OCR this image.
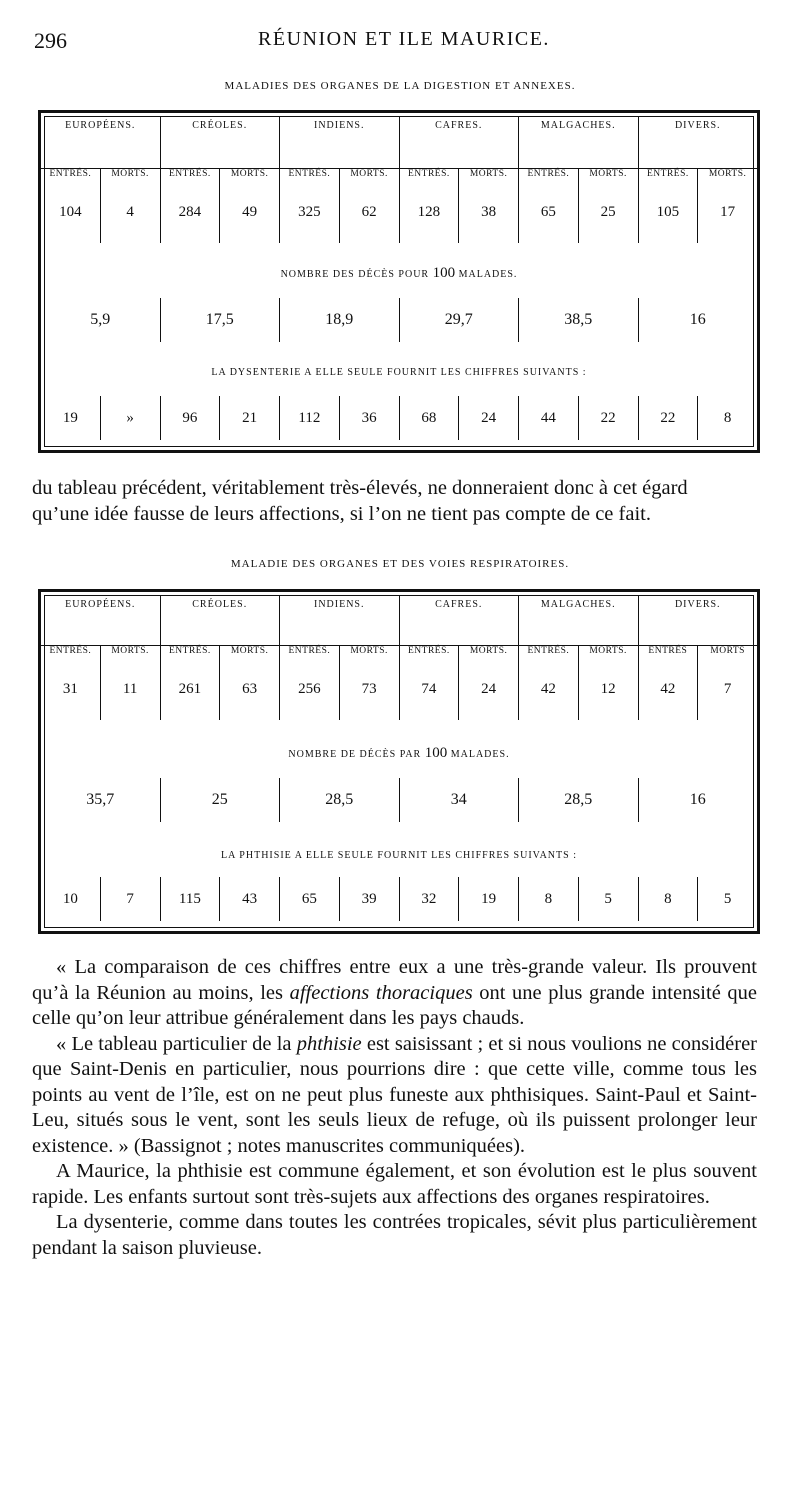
296	RÉUNION ET ILE MAURICE.
MALADIES DES ORGANES DE LA DIGESTION ET ANNEXES.
EUROPÉENS.	CRÉOLES.	INDIENS.	CAFRES.	MALGACHES.	DIVERS.
ENTRÉS.	MORTS.	ENTRÉS.	MORTS.	ENTRÉS.	MORTS.	ENTRÉS.	MORTS.	ENTRÉS.	MORTS.	ENTRÉS.	MORTS.
104	4	284	49	325	62	128	38	65	25	105	17
NOMBRE DES DÉCÈS POUR 100 MALADES.
5,9	17,5	18,9	29,7	38,5	16
LA DYSENTERIE A ELLE SEULE FOURNIT LES CHIFFRES SUIVANTS :
19	»	96	21	112	36	68	24	44	22	22	8
du tableau précédent, véritablement très-élevés, ne donneraient donc à cet égard
qu’une idée fausse de leurs affections, si l’on ne tient pas compte de ce fait.
MALADIE DES ORGANES ET DES VOIES RESPIRATOIRES.
EUROPÉENS.	CRÉOLES.	INDIENS.	CAFRES.	MALGACHES.	DIVERS.
ENTRÉS.	MORTS.	ENTRÉS.	MORTS.	ENTRÉS.	MORTS.	ENTRÉS.	MORTS.	ENTRÉS.	MORTS.	ENTRÉS	MORTS
31	11	261	63	256	73	74	24	42	12	42	7
NOMBRE DE DÉCÈS PAR 100 MALADES.
35,7	25	28,5	34	28,5	16
LA PHTHISIE A ELLE SEULE FOURNIT LES CHIFFRES SUIVANTS :
10	7	115	43	65	39	32	19	8	5	8	5

« La comparaison de ces chiffres entre eux a une très-grande valeur. Ils prouvent qu’à la Réunion au moins, les affections thoraciques ont une plus grande intensité que celle qu’on leur attribue généralement dans les pays chauds.

« Le tableau particulier de la phthisie est saisissant ; et si nous voulions ne considérer que Saint-Denis en particulier, nous pourrions dire : que cette ville, comme tous les points au vent de l’île, est on ne peut plus funeste aux phthisiques. Saint-Paul et Saint-Leu, situés sous le vent, sont les seuls lieux de refuge, où ils puissent prolonger leur existence. » (Bassignot ; notes manuscrites communiquées).

A Maurice, la phthisie est commune également, et son évolution est le plus souvent rapide. Les enfants surtout sont très-sujets aux affections des organes respiratoires.

La dysenterie, comme dans toutes les contrées tropicales, sévit plus particulièrement pendant la saison pluvieuse.
